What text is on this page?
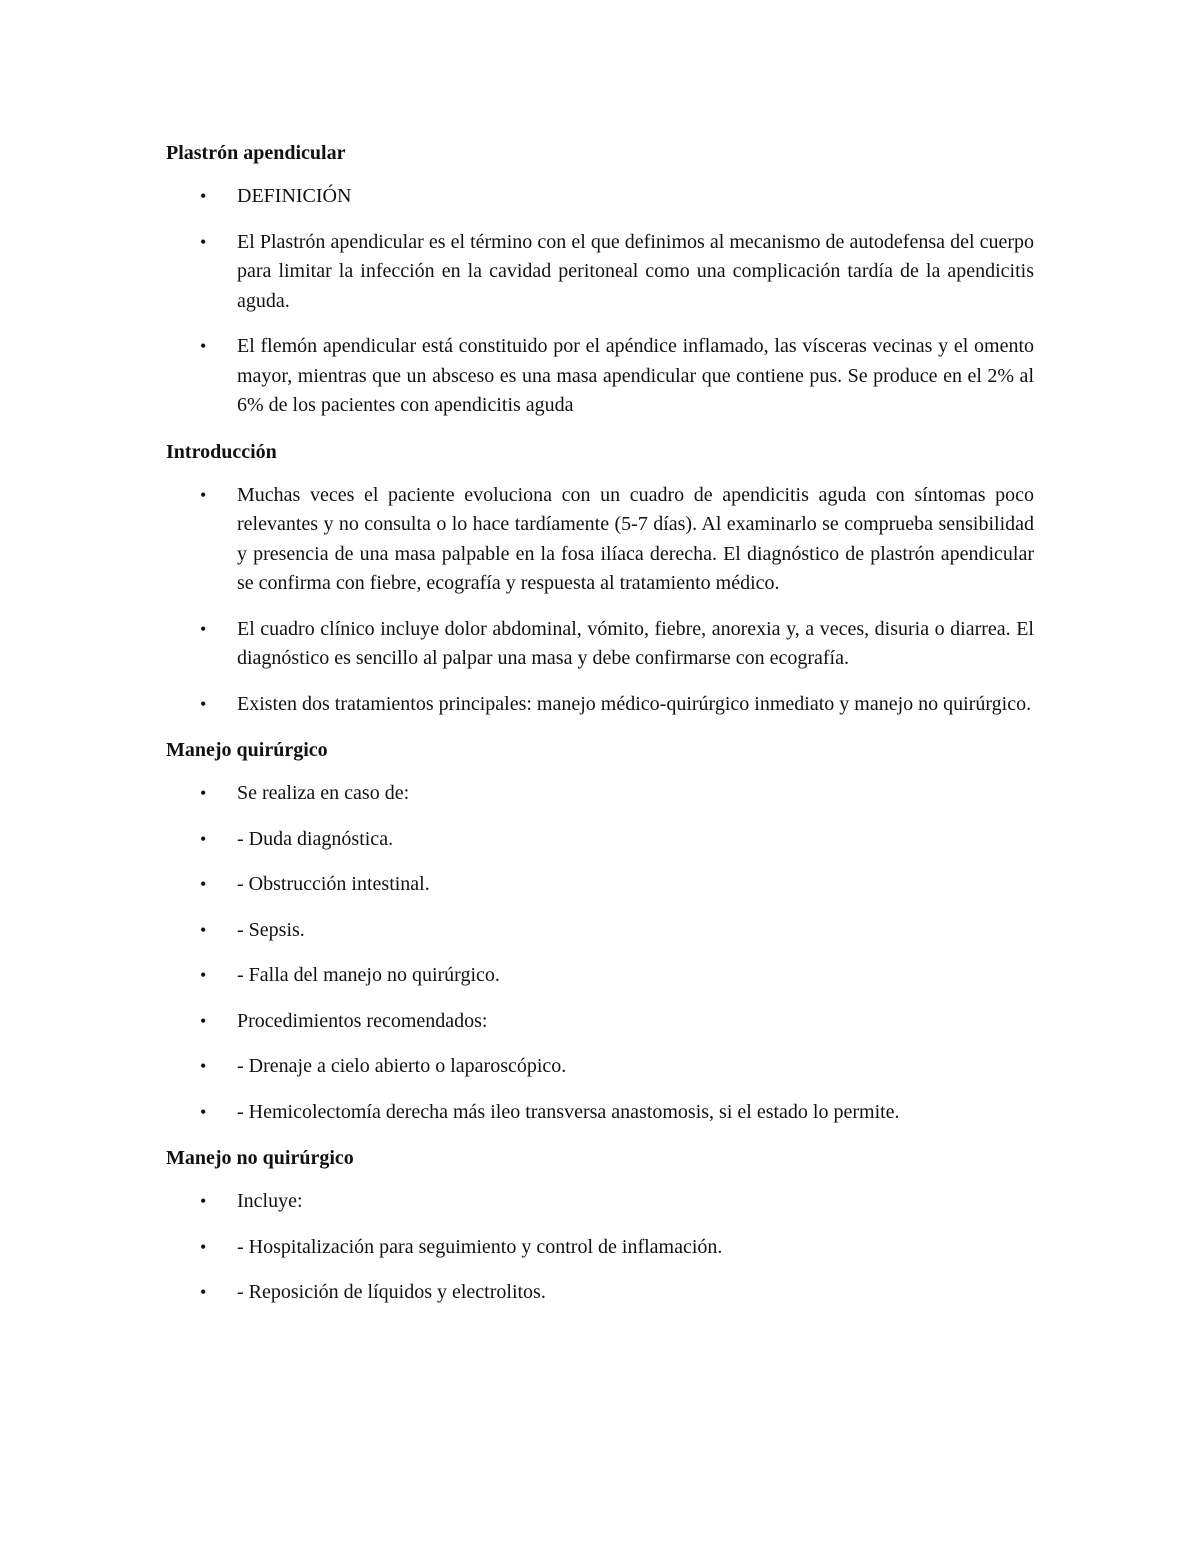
Plastrón apendicular
• DEFINICIÓN
• El Plastrón apendicular es el término con el que definimos al mecanismo de autodefensa del cuerpo para limitar la infección en la cavidad peritoneal como una complicación tardía de la apendicitis aguda.
• El flemón apendicular está constituido por el apéndice inflamado, las vísceras vecinas y el omento mayor, mientras que un absceso es una masa apendicular que contiene pus. Se produce en el 2% al 6% de los pacientes con apendicitis aguda
Introducción
• Muchas veces el paciente evoluciona con un cuadro de apendicitis aguda con síntomas poco relevantes y no consulta o lo hace tardíamente (5-7 días). Al examinarlo se comprueba sensibilidad y presencia de una masa palpable en la fosa ilíaca derecha. El diagnóstico de plastrón apendicular se confirma con fiebre, ecografía y respuesta al tratamiento médico.
• El cuadro clínico incluye dolor abdominal, vómito, fiebre, anorexia y, a veces, disuria o diarrea. El diagnóstico es sencillo al palpar una masa y debe confirmarse con ecografía.
• Existen dos tratamientos principales: manejo médico-quirúrgico inmediato y manejo no quirúrgico.
Manejo quirúrgico
• Se realiza en caso de:
• - Duda diagnóstica.
• - Obstrucción intestinal.
• - Sepsis.
• - Falla del manejo no quirúrgico.
• Procedimientos recomendados:
• - Drenaje a cielo abierto o laparoscópico.
• - Hemicolectomía derecha más ileo transversa anastomosis, si el estado lo permite.
Manejo no quirúrgico
• Incluye:
• - Hospitalización para seguimiento y control de inflamación.
• - Reposición de líquidos y electrolitos.
